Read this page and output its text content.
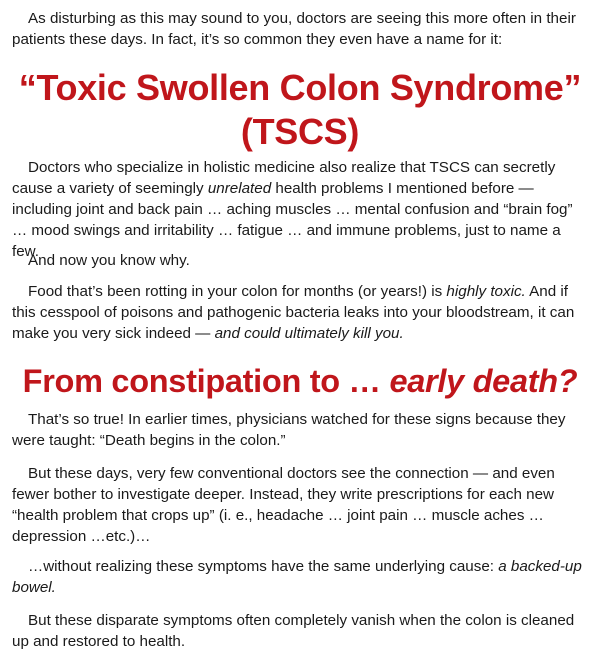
As disturbing as this may sound to you, doctors are seeing this more often in their patients these days. In fact, it’s so common they even have a name for it:

“Toxic Swollen Colon Syndrome”
(TSCS)

Doctors who specialize in holistic medicine also realize that TSCS can secretly cause a variety of seemingly unrelated health problems I mentioned before — including joint and back pain … aching muscles … mental confusion and “brain fog” … mood swings and irritability … fatigue … and immune problems, just to name a few.

And now you know why.

Food that’s been rotting in your colon for months (or years!) is highly toxic. And if this cesspool of poisons and pathogenic bacteria leaks into your bloodstream, it can make you very sick indeed — and could ultimately kill you.

From constipation to … early death?

That’s so true! In earlier times, physicians watched for these signs because they were taught: “Death begins in the colon.”

But these days, very few conventional doctors see the connection — and even fewer bother to investigate deeper. Instead, they write prescriptions for each new “health problem that crops up” (i. e., headache … joint pain … muscle aches … depression …etc.)…

…without realizing these symptoms have the same underlying cause: a backed-up bowel.

But these disparate symptoms often completely vanish when the colon is cleaned up and restored to health.
